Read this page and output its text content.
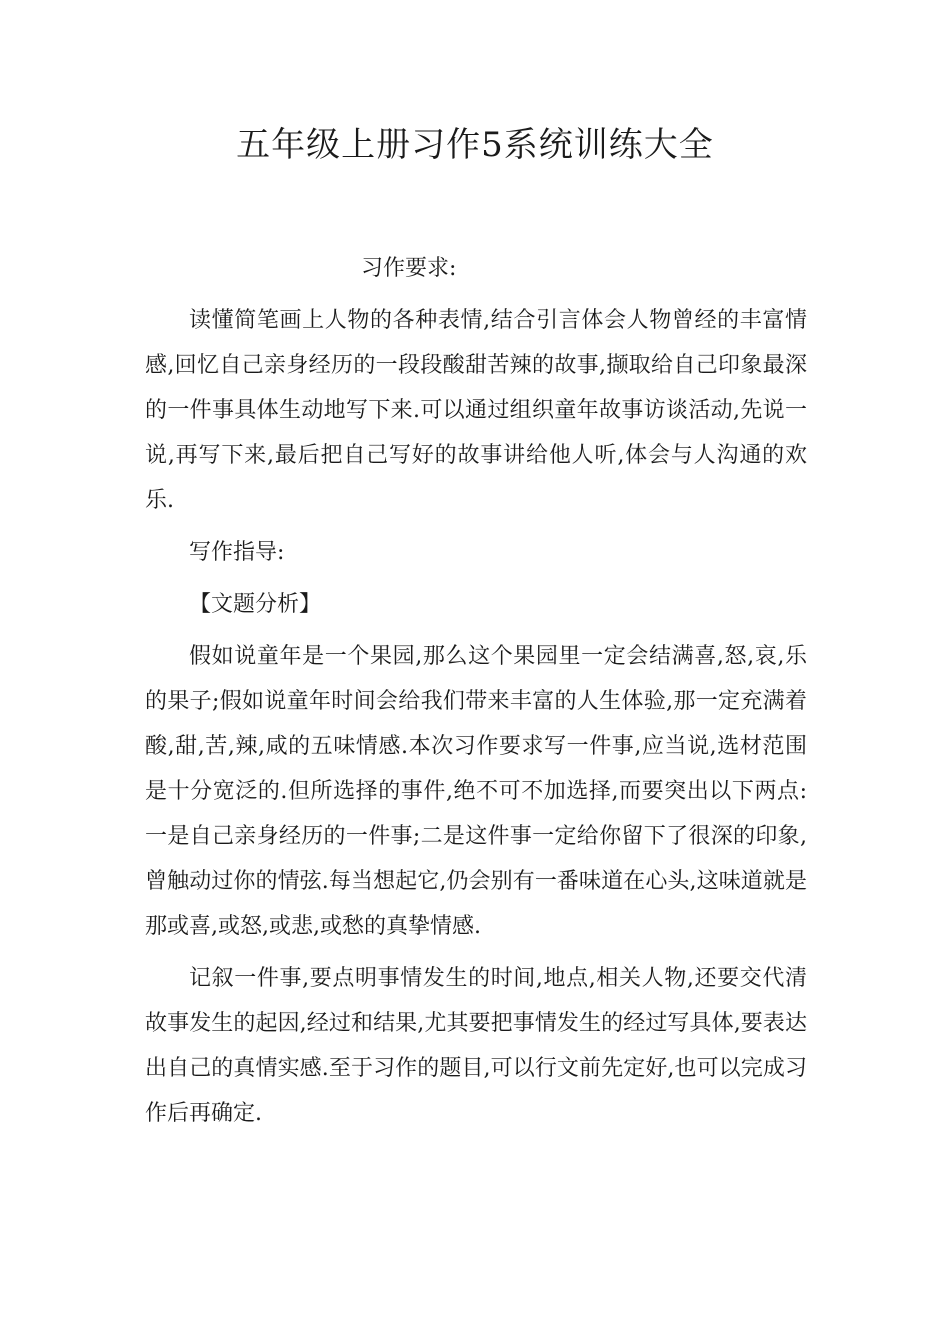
五年级上册习作5系统训练大全

习作要求:

读懂简笔画上人物的各种表情,结合引言体会人物曾经的丰富情感,回忆自己亲身经历的一段段酸甜苦辣的故事,撷取给自己印象最深的一件事具体生动地写下来.可以通过组织童年故事访谈活动,先说一说,再写下来,最后把自己写好的故事讲给他人听,体会与人沟通的欢乐.

写作指导:

【文题分析】

假如说童年是一个果园,那么这个果园里一定会结满喜,怒,哀,乐的果子;假如说童年时间会给我们带来丰富的人生体验,那一定充满着酸,甜,苦,辣,咸的五味情感.本次习作要求写一件事,应当说,选材范围是十分宽泛的.但所选择的事件,绝不可不加选择,而要突出以下两点:一是自己亲身经历的一件事;二是这件事一定给你留下了很深的印象,曾触动过你的情弦.每当想起它,仍会别有一番味道在心头,这味道就是那或喜,或怒,或悲,或愁的真挚情感.

记叙一件事,要点明事情发生的时间,地点,相关人物,还要交代清故事发生的起因,经过和结果,尤其要把事情发生的经过写具体,要表达出自己的真情实感.至于习作的题目,可以行文前先定好,也可以完成习作后再确定.
